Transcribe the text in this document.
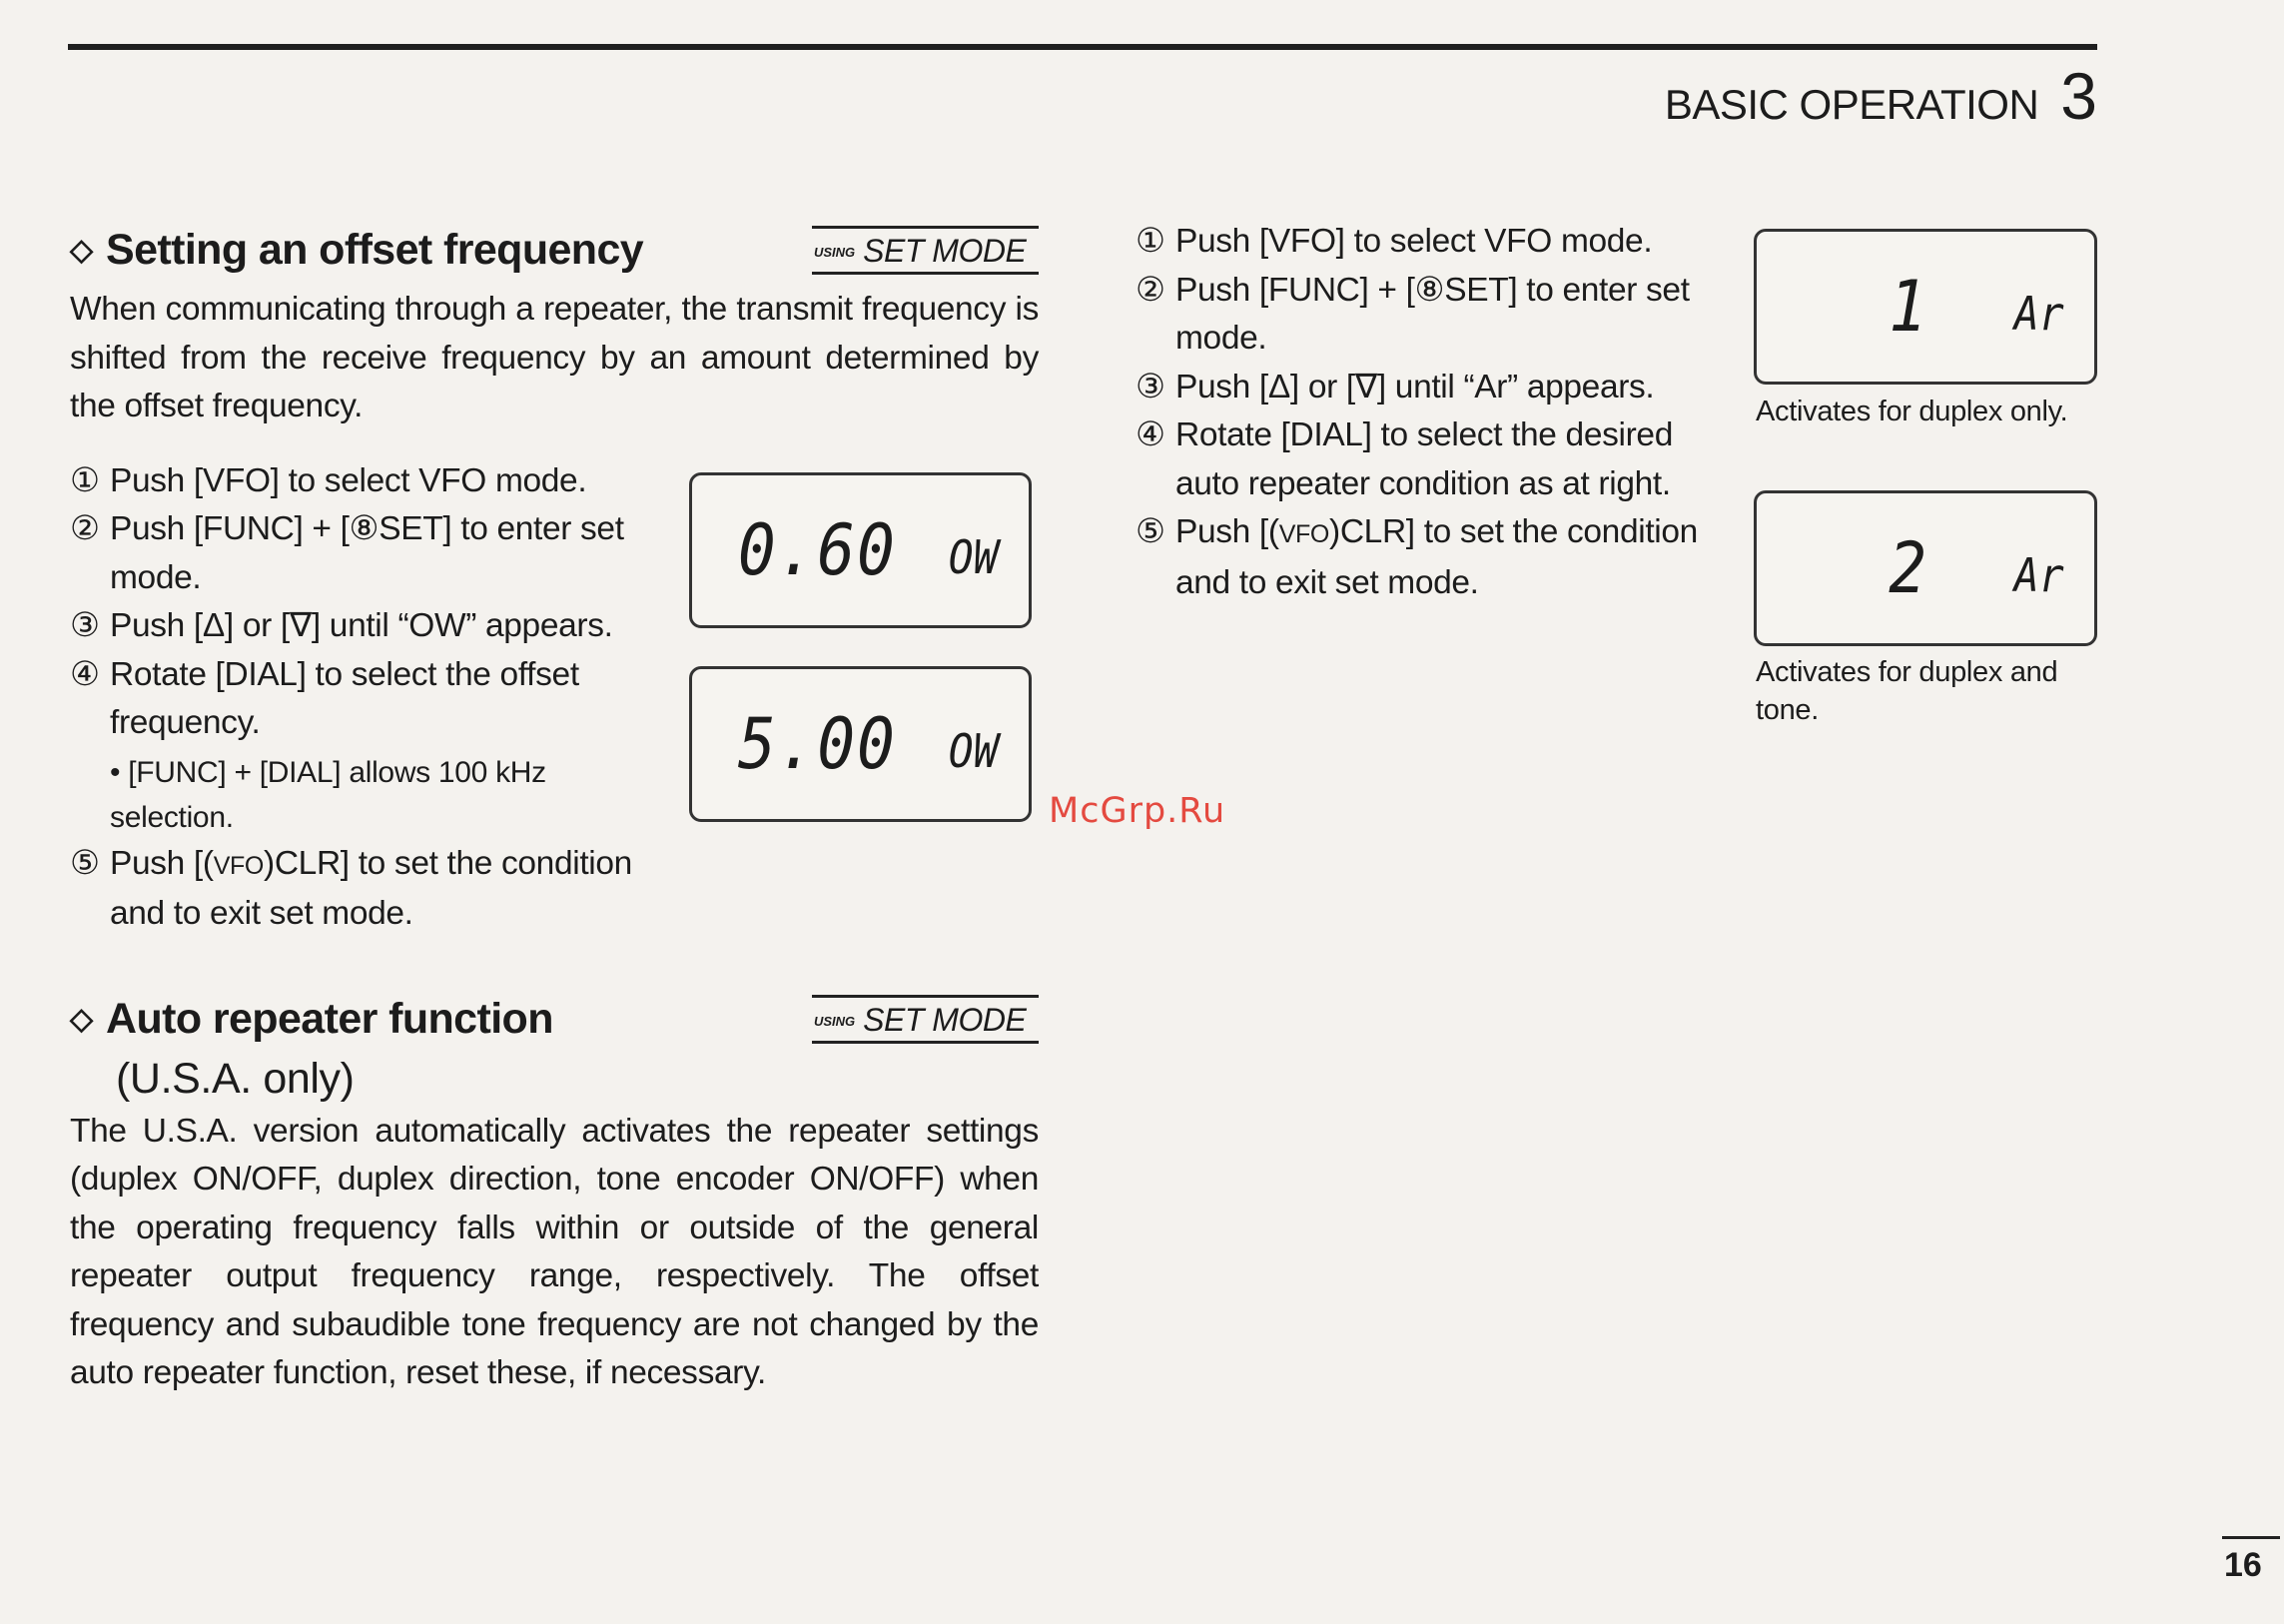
BASIC OPERATION 3
◇ Setting an offset frequency	$^{USING}$ SET MODE

When communicating through a repeater, the transmit frequency is shifted from the receive frequency by an amount determined by the offset frequency.

① Push [VFO] to select VFO mode.
② Push [FUNC] + [⑧SET] to enter set mode.
③ Push [Δ] or [∇] until “OW” appears.
④ Rotate [DIAL] to select the offset frequency.
• [FUNC] + [DIAL] allows 100 kHz selection.
⑤ Push [(VFO)CLR] to set the condition and to exit set mode.
◇ Auto repeater function	$^{USING}$ SET MODE
(U.S.A. only)

The U.S.A. version automatically activates the repeater settings (duplex ON/OFF, duplex direction, tone encoder ON/OFF) when the operating frequency falls within or outside of the general repeater output frequency range, respectively. The offset frequency and subaudible tone frequency are not changed by the auto repeater function, reset these, if necessary.

0.60 OW
5.00 OW
① Push [VFO] to select VFO mode.
② Push [FUNC] + [⑧SET] to enter set mode.
③ Push [Δ] or [∇] until “Ar” appears.
④ Rotate [DIAL] to select the desired auto repeater condition as at right.
⑤ Push [(VFO)CLR] to set the condition and to exit set mode.
1 Ar
Activates for duplex only.
2 Ar
Activates for duplex and tone.
McGrp.Ru
16
